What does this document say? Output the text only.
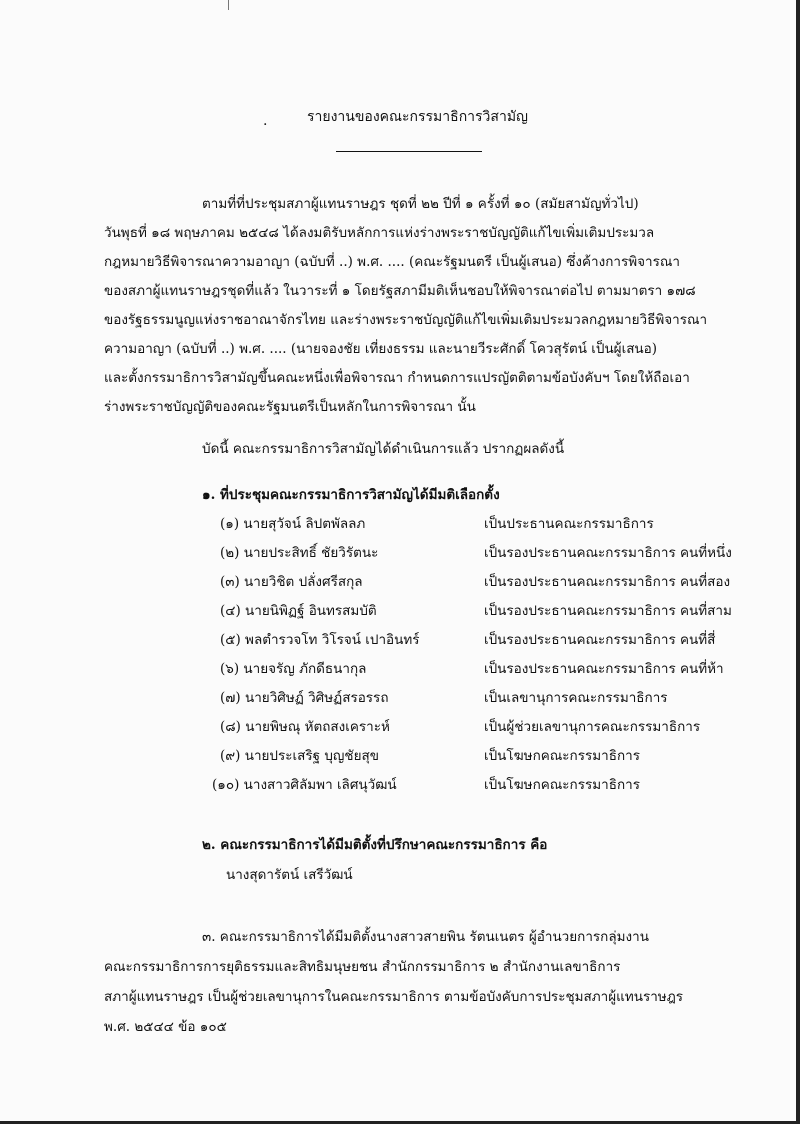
.	รายงานของคณะกรรมาธิการวิสามัญ
ตามที่ที่ประชุมสภาผู้แทนราษฎร ชุดที่ ๒๒ ปีที่ ๑ ครั้งที่ ๑๐ (สมัยสามัญทั่วไป)
วันพุธที่ ๑๘ พฤษภาคม ๒๕๔๘ ได้ลงมติรับหลักการแห่งร่างพระราชบัญญัติแก้ไขเพิ่มเติมประมวล
กฎหมายวิธีพิจารณาความอาญา (ฉบับที่ ..) พ.ศ. .... (คณะรัฐมนตรี เป็นผู้เสนอ) ซึ่งค้างการพิจารณา
ของสภาผู้แทนราษฎรชุดที่แล้ว ในวาระที่ ๑ โดยรัฐสภามีมติเห็นชอบให้พิจารณาต่อไป ตามมาตรา ๑๗๘
ของรัฐธรรมนูญแห่งราชอาณาจักรไทย และร่างพระราชบัญญัติแก้ไขเพิ่มเติมประมวลกฎหมายวิธีพิจารณา
ความอาญา (ฉบับที่ ..) พ.ศ. .... (นายจองชัย เที่ยงธรรม และนายวีระศักดิ์ โควสุรัตน์ เป็นผู้เสนอ)
และตั้งกรรมาธิการวิสามัญขึ้นคณะหนึ่งเพื่อพิจารณา กำหนดการแปรญัตติตามข้อบังคับฯ โดยให้ถือเอา
ร่างพระราชบัญญัติของคณะรัฐมนตรีเป็นหลักในการพิจารณา นั้น
บัดนี้ คณะกรรมาธิการวิสามัญได้ดำเนินการแล้ว ปรากฏผลดังนี้
๑. ที่ประชุมคณะกรรมาธิการวิสามัญได้มีมติเลือกตั้ง
(๑) นายสุวัจน์ ลิปตพัลลภ	เป็นประธานคณะกรรมาธิการ
(๒) นายประสิทธิ์ ชัยวิรัตนะ	เป็นรองประธานคณะกรรมาธิการ คนที่หนึ่ง
(๓) นายวิชิต ปลั่งศรีสกุล	เป็นรองประธานคณะกรรมาธิการ คนที่สอง
(๔) นายนิพิฏฐ์ อินทรสมบัติ	เป็นรองประธานคณะกรรมาธิการ คนที่สาม
(๕) พลตำรวจโท วิโรจน์ เปาอินทร์	เป็นรองประธานคณะกรรมาธิการ คนที่สี่
(๖) นายจรัญ ภักดีธนากุล	เป็นรองประธานคณะกรรมาธิการ คนที่ห้า
(๗) นายวิศิษฏ์ วิศิษฏ์สรอรรถ	เป็นเลขานุการคณะกรรมาธิการ
(๘) นายพิษณุ หัตถสงเคราะห์	เป็นผู้ช่วยเลขานุการคณะกรรมาธิการ
(๙) นายประเสริฐ บุญชัยสุข	เป็นโฆษกคณะกรรมาธิการ
(๑๐) นางสาวศิลัมพา เลิศนุวัฒน์	เป็นโฆษกคณะกรรมาธิการ
๒. คณะกรรมาธิการได้มีมติตั้งที่ปรึกษาคณะกรรมาธิการ คือ
นางสุดารัตน์ เสรีวัฒน์
๓. คณะกรรมาธิการได้มีมติตั้งนางสาวสายพิน รัตนเนตร ผู้อำนวยการกลุ่มงาน
คณะกรรมาธิการการยุติธรรมและสิทธิมนุษยชน สำนักกรรมาธิการ ๒ สำนักงานเลขาธิการ
สภาผู้แทนราษฎร เป็นผู้ช่วยเลขานุการในคณะกรรมาธิการ ตามข้อบังคับการประชุมสภาผู้แทนราษฎร
พ.ศ. ๒๕๔๔ ข้อ ๑๐๕
